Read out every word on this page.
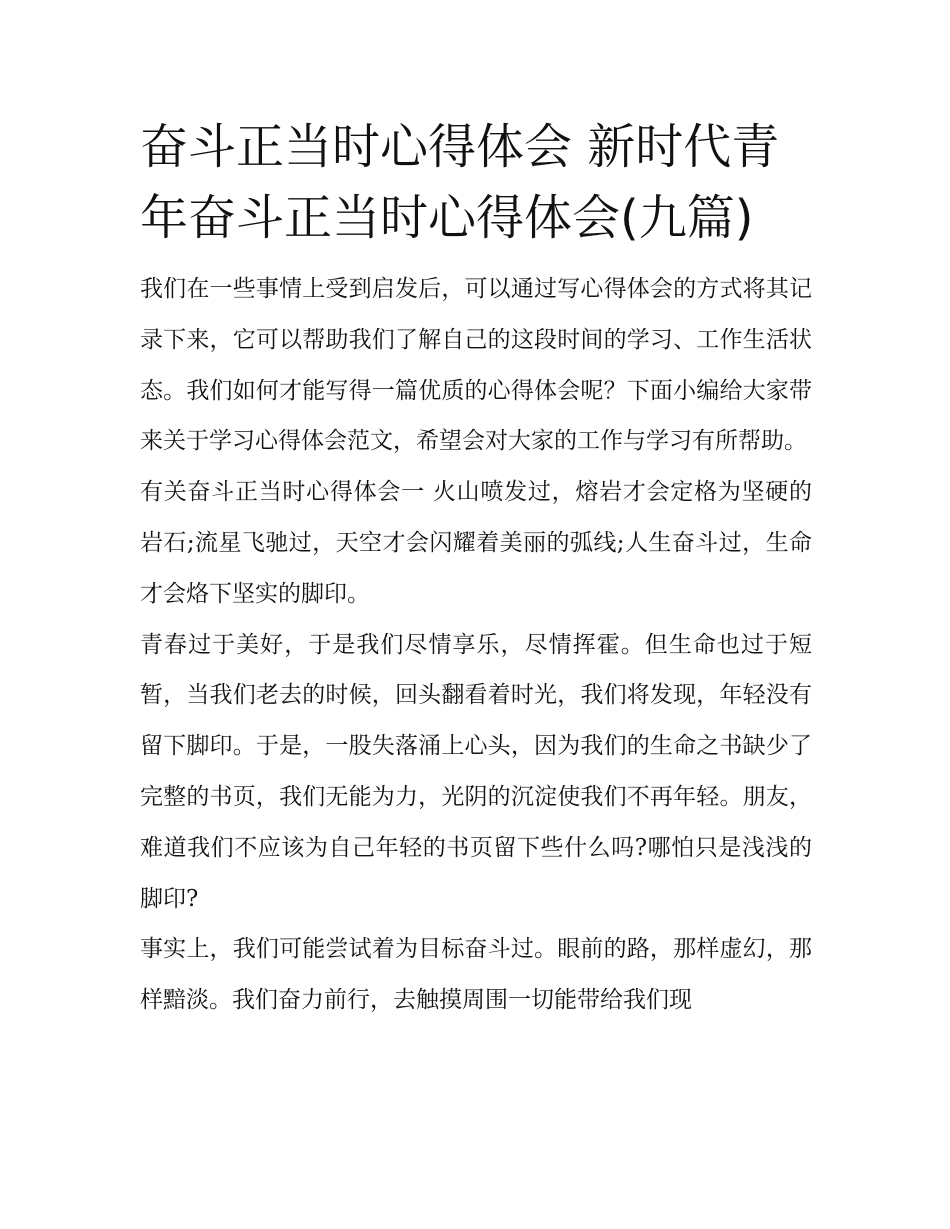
奋斗正当时心得体会 新时代青年奋斗正当时心得体会(九篇)

我们在一些事情上受到启发后，可以通过写心得体会的方式将其记录下来，它可以帮助我们了解自己的这段时间的学习、工作生活状态。我们如何才能写得一篇优质的心得体会呢？下面小编给大家带来关于学习心得体会范文，希望会对大家的工作与学习有所帮助。

有关奋斗正当时心得体会一 火山喷发过，熔岩才会定格为坚硬的岩石;流星飞驰过，天空才会闪耀着美丽的弧线;人生奋斗过，生命才会烙下坚实的脚印。

青春过于美好，于是我们尽情享乐，尽情挥霍。但生命也过于短暂，当我们老去的时候，回头翻看着时光，我们将发现，年轻没有留下脚印。于是，一股失落涌上心头，因为我们的生命之书缺少了完整的书页，我们无能为力，光阴的沉淀使我们不再年轻。朋友，难道我们不应该为自己年轻的书页留下些什么吗?哪怕只是浅浅的脚印?

事实上，我们可能尝试着为目标奋斗过。眼前的路，那样虚幻，那样黯淡。我们奋力前行，去触摸周围一切能带给我们现
